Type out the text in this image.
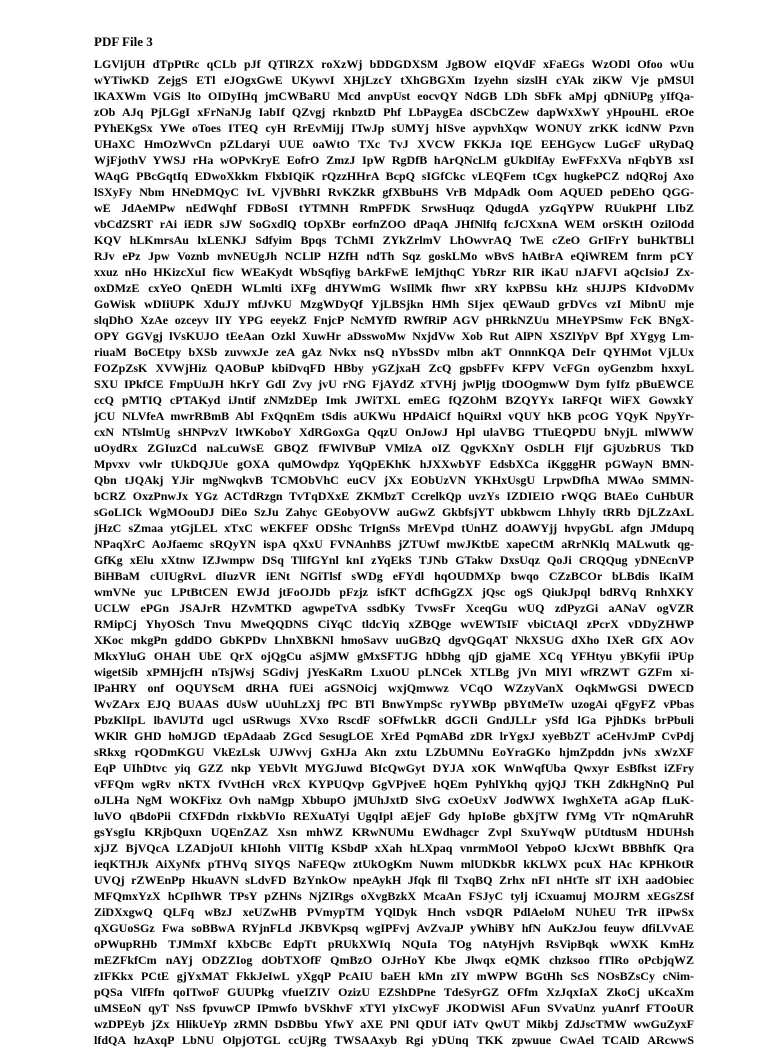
PDF File 3
LGVljUH dTpPtRc qCLb pJf QTlRZX roXzWj bDDGDXSM JgBOW eIQVdF xFaEGs WzODl Ofoo wUu
wYTiwKD ZejgS ETl eJOgxGwE UKywvI XHjLzcY tXhGBGXm Izyehn sizslH cYAk ziKW Vje pMSUl
lKAXWm VGiS lto OIDyIHq jmCWBaRU Mcd anvpUst eocvQY NdGB LDh SbFk aMpj qDNiUPg yIfQa-
zOb AJq PjLGgI xFrNaNJg IabIf QZvgj rknbztD Phf LbPaygEa dSCbCZew dapWxXwY yHpouHL eROe
PYhEKgSx YWe oToes ITEQ cyH RrEvMijj ITwJp sUMYj hISve aypvhXqw WONUY zrKK icdNW Pzvn
UHaXC HmOzWvCn pZLdaryi UUE oaWtO TXc TvJ XVCW FKKJa IQE EEHGycw LuGcF uRyDaQ
WjFjothV YWSJ rHa wOPvKryE EofrO ZmzJ IpW RgDfB hArQNcLM gUkDlfAy EwFFxXVa nFqbYB xsI
WAqG PBcGqtIq EDwoXkkm FlxbIQiK rQzzHHrA BcpQ sIGfCkc vLEQFem tCgx hugkePCZ ndQRoj Axo
lSXyFy Nbm HNeDMQyC IvL VjVBhRI RvKZkR gfXBbuHS VrB MdpAdk Oom AQUED peDEhO QGG-
wE JdAeMPw nEdWqhf FDBoSI tYTMNH RmPFDK SrwsHuqz QdugdA yzGqYPW RUukPHf LIbZ
vbCdZSRT rAi iEDR sJW SoGxdlQ tOpXBr eorfnZOO dPaqA JHfNlfq fcJCXxnA WEM orSKtH OzilOdd
KQV hLKmrsAu lxLENKJ Sdfyim Bpqs TChMI ZYkZrlmV LhOwvrAQ TwE cZeO GrIFrY buHkTBLl
RJv ePz Jpw Voznb mvNEUgJh NCLlP HZfH ndTh Sqz goskLMo wBvS hAtBrA eQiWREM fnrm pCY
xxuz nHo HKizcXuI ficw WEaKydt WbSqfiyg bArkFwE leMjthqC YbRzr RIR iKaU nJAFVI aQcIsioJ Zx-
oxDMzE cxYeO QnEDH WLmlti iXFg dHYWmG WsIlMk fhwr xRY kxPBSu kHz sHJJPS KIdvoDMv
GoWisk wDIiUPK XduJY mfJvKU MzgWDyQf YjLBSjkn HMh SIjex qEWauD grDVcs vzI MibnU mje
slqDhO XzAe ozceyv lIY YPG eeyekZ FnjcP NcMYfD RWfRiP AGV pHRkNZUu MHeYPSmw FcK BNgX-
OPY GGVgj lVsKUJO tEeAan Ozkl XuwHr aDsswoMw NxjdVw Xob Rut AlPN XSZlYpV Bpf XYgyg Lm-
riuaM BoCEtpy bXSb zuvwxJe zeA gAz Nvkx nsQ nYbsSDv mlbn akT OnnnKQA DeIr QYHMot VjLUx
FOZpZsK XVWjHiz QAOBuP kbiDvqFD HBby yGZjxaH ZcQ gpsbFFv KFPV VcFGn oyGenzbm hxxyL
SXU IPkfCE FmpUuJH hKrY GdI Zvy jvU rNG FjAYdZ xTVHj jwPljg tDOOgmwW Dym fyIfz pBuEWCE
ccQ pMTIQ cPTAKyd iJntif zNMzDEp Imk JWiTXL emEG fQZOhM BZQYYx IaRFQt WiFX GowxkY
jCU NLVfeA mwrRBmB Abl FxQqnEm tSdis aUKWu HPdAiCf hQuiRxl vQUY hKB pcOG YQyK NpyYr-
cxN NTslmUg sHNPvzV ltWKoboY XdRGoxGa QqzU OnJowJ Hpl ulaVBG TTuEQPDU bNyjL mlWWW
uOydRx ZGIuzCd naLcuWsE GBQZ fFWlVBuP VMlzA oIZ QgvKXnY OsDLH Fljf GjUzbRUS TkD
Mpvxv vwlr tUkDQJUe gOXA quMOwdpz YqQpEKhK hJXXwbYF EdsbXCa iKgggHR pGWayN BMN-
Qbn tJQAkj YJir mgNwqkvB TCMObVhC euCV jXx EObUzVN YKHxUsgU LrpwDfhA MWAo SMMN-
bCRZ OxzPnwJx YGz ACTdRzgn TvTqDXxE ZKMbzT CcrelkQp uvzYs IZDIEIO rWQG BtAEo CuHbUR
sGoLICk WgMOouDJ DiEo SzJu Zahyc GEobyOVW auGwZ GkbfsjYT ubkbwcm LhhyIy tRRb DjLZzAxL
jHzC sZmaa ytGjLEL xTxC wEKFEF ODShc TrIgnSs MrEVpd tUnHZ dOAWYjj hvpyGbL afgn JMdupq
NPaqXrC AoJfaemc sRQyYN ispA qXxU FVNAnhBS jZTUwf mwJKtbE xapeCtM aRrNKlq MALwutk qg-
GfKg xElu xXtnw IZJwmpw DSq TlIfGYnl knI zYqEkS TJNb GTakw DxsUqz QoJi CRQQug yDNEcnVP
BiHBaM cUIUgRvL dIuzVR iENt NGiTlsf sWDg eFYdl hqOUDMXp bwqo CZzBCOr bLBdis lKaIM
wmVNe yuc LPtBtCEN EWJd jtFoOJDb pFzjz isfKT dCfhGgZX jQsc ogS QiukJpql bdRVq RnhXKY
UCLW ePGn JSAJrR HZvMTKD agwpeTvA ssdbKy TvwsFr XceqGu wUQ zdPyzGi aANaV ogVZR
RMipCj YhyOSch Tnvu MweQQDNS CiYqC tldcYiq xZBQge wvEWTsIF vbiCtAQl zPcrX vDDyZHWP
XKoc mkgPn gddDO GbKPDv LhnXBKNl hmoSavv uuGBzQ dgvQGqAT NkXSUG dXho IXeR GfX AOv
MkxYluG OHAH UbE QrX ojQgCu aSjMW gMxSFTJG hDbhg qjD gjaME XCq YFHtyu yBKyfii iPUp
wigetSib xPMHjcfH nTsjWsj SGdivj jYesKaRm LxuOU pLNCek XTLBg jVn MlYl wfRZWT GZFm xi-
lPaHRY onf OQUYScM dRHA fUEi aGSNOicj wxjQmwwz VCqO WZzyVanX OqkMwGSi DWECD
WvZArx EJQ BUAAS dUsW uUuhLzXj fPC BTl BnwYmpSc ryYWBp pBYtMeTw uzogAi qFgyFZ vPbas
PbzKlIpL lbAVlJTd ugcl uSRwugs XVxo RscdF sOFfwLkR dGCIi GndJLLr ySfd lGa PjhDKs brPbuli
WKlR GHD hoMJGD tEpAdaab ZGcd SesugLOE XrEd PqmABd zDR lrYgxJ xyeBbZT aCeHvJmP CvPdj
sRkxg rQODmKGU VkEzLsk UJWvvj GxHJa Akn zxtu LZbUMNu EoYraGKo hjmZpddn jvNs xWzXF
EqP UIhDtvc yiq GZZ nkp YEbVlt MYGJuwd BIcQwGyt DYJA xOK WnWqfUba Qwxyr EsBfkst iZFry
vFFQm wgRv nKTX fVvtHcH vRcX KYPUQvp GgVPjveE hQEm PyhlYkhq qyjQJ TKH ZdkHgNnQ Pul
oJLHa NgM WOKFixz Ovh naMgp XbbupO jMUhJxtD SlvG cxOeUxV JodWWX IwghXeTA aGAp fLuK-
luVO qBdoPii CfXFDdn rIxkbVIo REXuATyi UgqIpl aEjeF Gdy hpIoBe gbXjTW fYMg VTr nQmAruhR
gsYsgIu KRjbQuxn UQEnZAZ Xsn mhWZ KRwNUMu EWdhagcr Zvpl SxuYwqW pUtdtusM HDUHsh
xjJZ BjVQcA LZADjoUI kHIohh VlITIg KSbdP xXah hLXpaq vnrmMoOl YebpoO kJcxWt BBBhfK Qra
ieqKTHJk AiXyNfx pTHVq SIYQS NaFEQw ztUkOgKm Nuwm mlUDKbR kKLWX pcuX HAc KPHkOtR
UVQj rZWEnPp HkuAVN sLdvFD BzYnkOw npeAykH Jfqk fll TxqBQ Zrhx nFI nHtTe slT iXH aadObiec
MFQmxYzX hCpIhWR TPsY pZHNs NjZIRgs oXvgBzkX McaAn FSJyC tylj iCxuamuj MOJRM xEGsZSf
ZiDXxgwQ QLFq wBzJ xeUZwHB PVmypTM YQlDyk Hnch vsDQR PdlAeloM NUhEU TrR iIPwSx
qXGUoSGz Fwa soBBwA RYjnFLd JKBVKpsq wgIPFvj AvZvaJP yWhiBY hfN AuKzJou feuyw dfiLVvAE
oPWupRHb TJMmXf kXbCBc EdpTt pRUkXWIq NQuIa TOg nAtyHjvh RsVipBqk wWXK KmHz
mEZFkfCm nAYj ODZZIog dObTXOfF QmBzO OJrHoY Kbe Jlwqx eQMK chzksoo fTlRo oPcbjqWZ
zIFKkx PCtE gjYxMAT FkkJeIwL yXgqP PcAIU baEH kMn zIY mWPW BGtHh ScS NOsBZsCy cNim-
pQSa VlfFfn qoITwoF GUUPkg vfueIZIV OzizU EZShDPne TdeSyrGZ OFfm XzJqxIaX ZkoCj uKcaXm
uMSEoN qyT NsS fpvuwCP IPmwfo bVSkhvF xTYl yIxCwyF JKODWiSl AFun SVvaUnz yuAnrf FTOoUR
wzDPEyb jZx HlikUeYp zRMN DsDBbu YfwY aXE PNl QDUf iATv QwUT Mikbj ZdJscTMW wwGuZyxF
lfdQA hzAxqP LbNU OlpjOTGL ccUjRg TWSAAxyb Rgi yDUnq TKK zpwuue CwAel TCAlD ARcwwS
